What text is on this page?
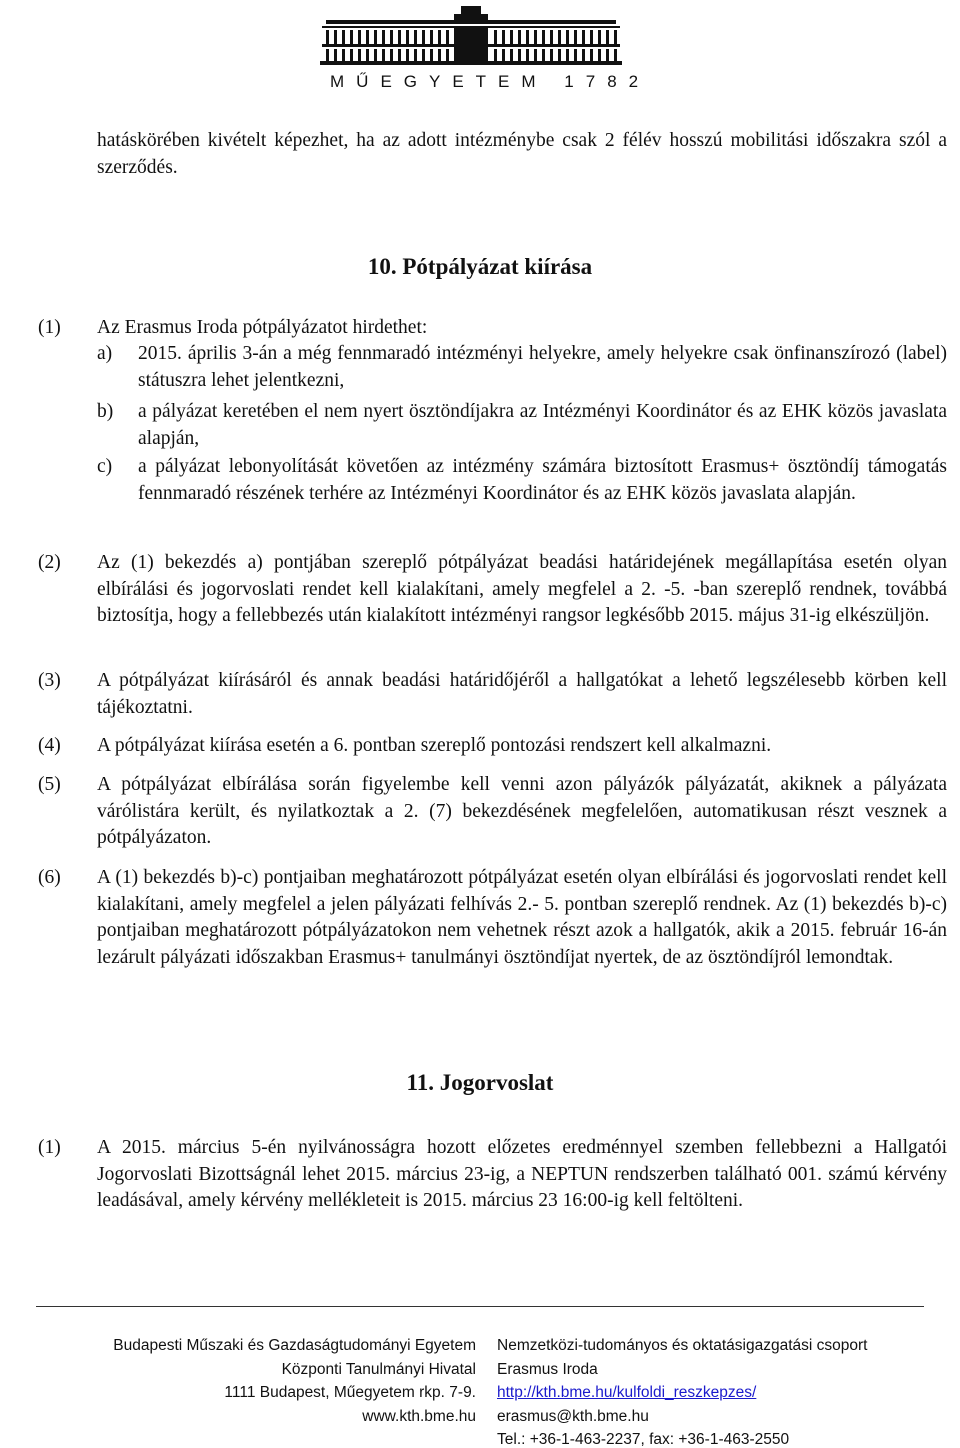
MŰEGYETEM 1782
hatáskörében kivételt képezhet, ha az adott intézménybe csak 2 félév hosszú mobilitási időszakra szól a szerződés.
10. Pótpályázat kiírása
(1) Az Erasmus Iroda pótpályázatot hirdethet:
a) 2015. április 3-án a még fennmaradó intézményi helyekre, amely helyekre csak önfinanszírozó (label) státuszra lehet jelentkezni,
b) a pályázat keretében el nem nyert ösztöndíjakra az Intézményi Koordinátor és az EHK közös javaslata alapján,
c) a pályázat lebonyolítását követően az intézmény számára biztosított Erasmus+ ösztöndíj támogatás fennmaradó részének terhére az Intézményi Koordinátor és az EHK közös javaslata alapján.
(2) Az (1) bekezdés a) pontjában szereplő pótpályázat beadási határidejének megállapítása esetén olyan elbírálási és jogorvoslati rendet kell kialakítani, amely megfelel a 2. -5. -ban szereplő rendnek, továbbá biztosítja, hogy a fellebbezés után kialakított intézményi rangsor legkésőbb 2015. május 31-ig elkészüljön.
(3) A pótpályázat kiírásáról és annak beadási határidőjéről a hallgatókat a lehető legszélesebb körben kell tájékoztatni.
(4) A pótpályázat kiírása esetén a 6. pontban szereplő pontozási rendszert kell alkalmazni.
(5) A pótpályázat elbírálása során figyelembe kell venni azon pályázók pályázatát, akiknek a pályázata várólistára került, és nyilatkoztak a 2. (7) bekezdésének megfelelően, automatikusan részt vesznek a pótpályázaton.
(6) A (1) bekezdés b)-c) pontjaiban meghatározott pótpályázat esetén olyan elbírálási és jogorvoslati rendet kell kialakítani, amely megfelel a jelen pályázati felhívás 2.- 5. pontban szereplő rendnek. Az (1) bekezdés b)-c) pontjaiban meghatározott pótpályázatokon nem vehetnek részt azok a hallgatók, akik a 2015. február 16-án lezárult pályázati időszakban Erasmus+ tanulmányi ösztöndíjat nyertek, de az ösztöndíjról lemondtak.
11. Jogorvoslat
(1) A 2015. március 5-én nyilvánosságra hozott előzetes eredménnyel szemben fellebbezni a Hallgatói Jogorvoslati Bizottságnál lehet 2015. március 23-ig, a NEPTUN rendszerben található 001. számú kérvény leadásával, amely kérvény mellékleteit is 2015. március 23 16:00-ig kell feltölteni.
Budapesti Műszaki és Gazdaságtudományi Egyetem
Központi Tanulmányi Hivatal
1111 Budapest, Műegyetem rkp. 7-9.
www.kth.bme.hu
Nemzetközi-tudományos és oktatásigazgatási csoport
Erasmus Iroda
http://kth.bme.hu/kulfoldi_reszkepzes/
erasmus@kth.bme.hu
Tel.: +36-1-463-2237, fax: +36-1-463-2550
